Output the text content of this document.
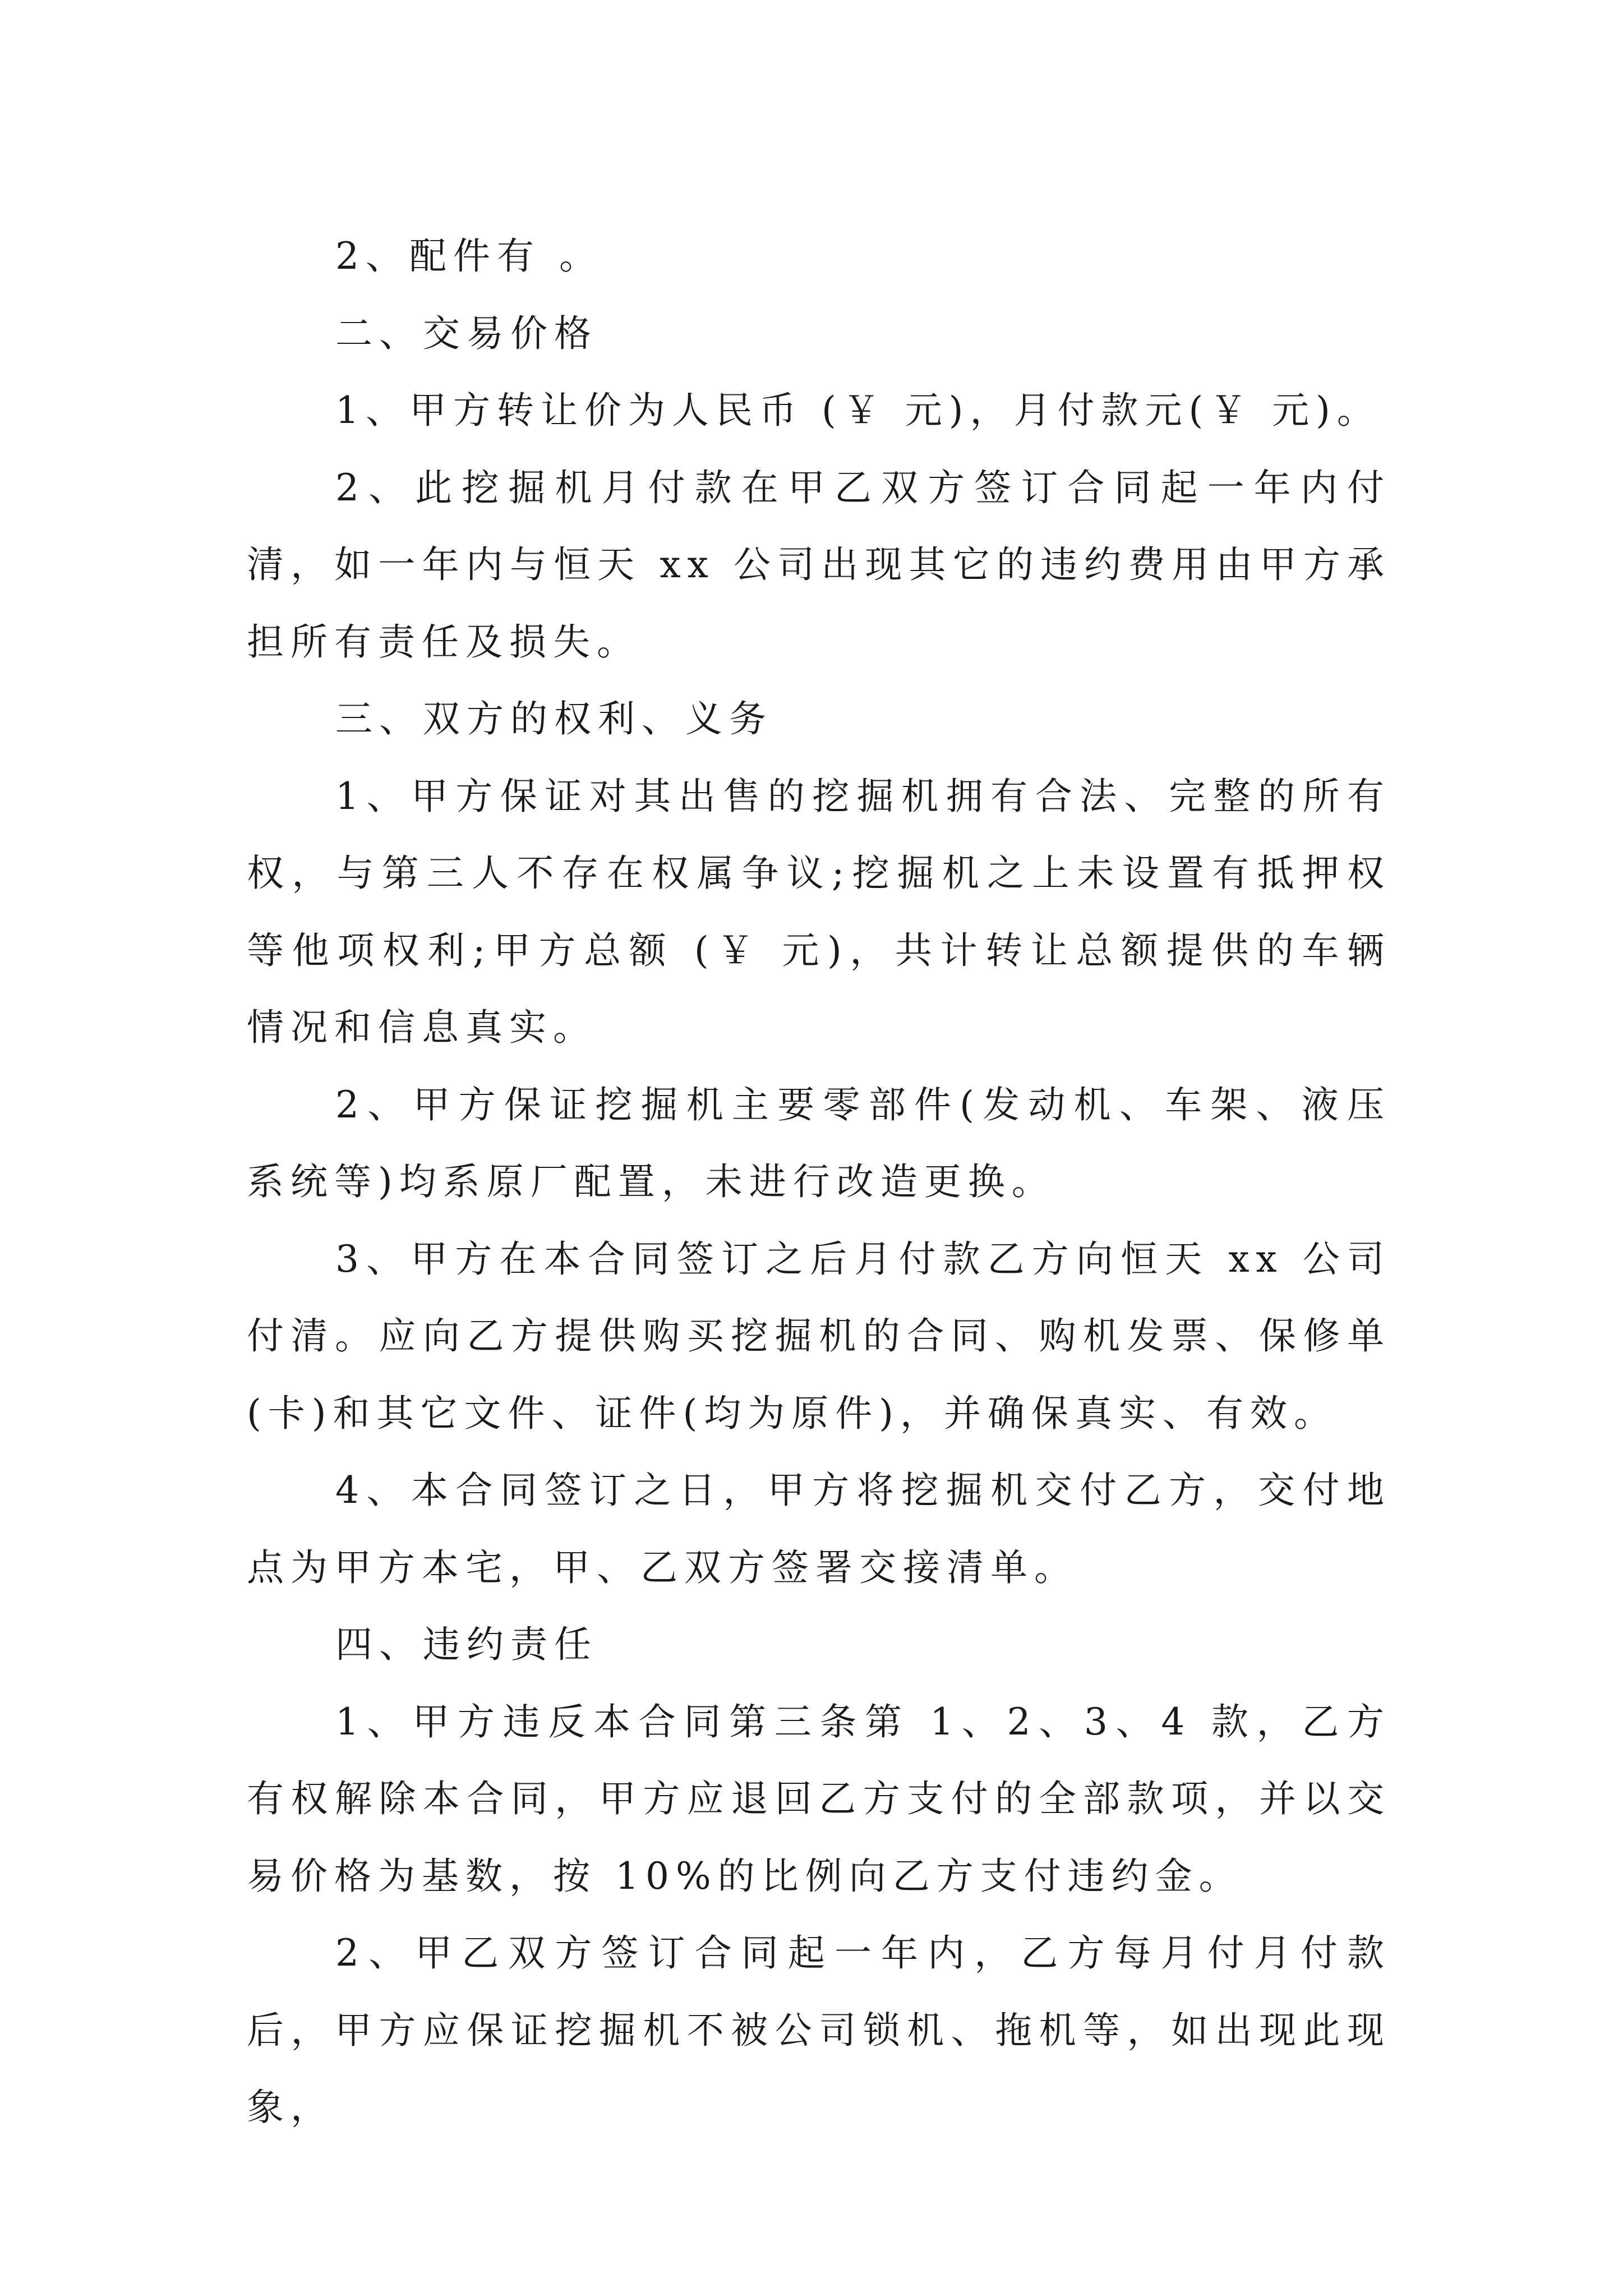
2、配件有 。

二、交易价格

1、甲方转让价为人民币 (￥ 元)，月付款元(￥ 元)。

2、此挖掘机月付款在甲乙双方签订合同起一年内付清，如一年内与恒天 xx 公司出现其它的违约费用由甲方承担所有责任及损失。

三、双方的权利、义务

1、甲方保证对其出售的挖掘机拥有合法、完整的所有权，与第三人不存在权属争议;挖掘机之上未设置有抵押权等他项权利;甲方总额 (￥ 元)，共计转让总额提供的车辆情况和信息真实。

2、甲方保证挖掘机主要零部件(发动机、车架、液压系统等)均系原厂配置，未进行改造更换。

3、甲方在本合同签订之后月付款乙方向恒天 xx 公司付清。应向乙方提供购买挖掘机的合同、购机发票、保修单(卡)和其它文件、证件(均为原件)，并确保真实、有效。

4、本合同签订之日，甲方将挖掘机交付乙方，交付地点为甲方本宅，甲、乙双方签署交接清单。

四、违约责任

1、甲方违反本合同第三条第 1、2、3、4 款，乙方有权解除本合同，甲方应退回乙方支付的全部款项，并以交易价格为基数，按 10%的比例向乙方支付违约金。

2、甲乙双方签订合同起一年内，乙方每月付月付款后，甲方应保证挖掘机不被公司锁机、拖机等，如出现此现象，
